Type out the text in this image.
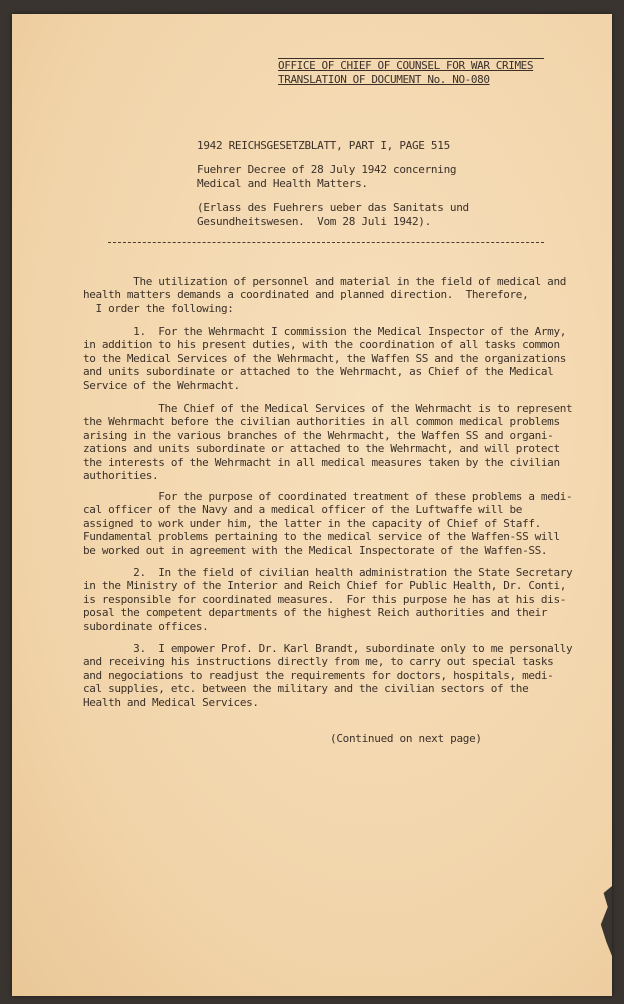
OFFICE OF CHIEF OF COUNSEL FOR WAR CRIMES
TRANSLATION OF DOCUMENT No. NO-080
1942 REICHSGESETZBLATT, PART I, PAGE 515
Fuehrer Decree of 28 July 1942 concerning
Medical and Health Matters.
(Erlass des Fuehrers ueber das Sanitats und
Gesundheitswesen.  Vom 28 Juli 1942).
The utilization of personnel and material in the field of medical and
health matters demands a coordinated and planned direction.  Therefore,
I order the following:
1.  For the Wehrmacht I commission the Medical Inspector of the Army,
in addition to his present duties, with the coordination of all tasks common
to the Medical Services of the Wehrmacht, the Waffen SS and the organizations
and units subordinate or attached to the Wehrmacht, as Chief of the Medical
Service of the Wehrmacht.
The Chief of the Medical Services of the Wehrmacht is to represent
the Wehrmacht before the civilian authorities in all common medical problems
arising in the various branches of the Wehrmacht, the Waffen SS and organi-
zations and units subordinate or attached to the Wehrmacht, and will protect
the interests of the Wehrmacht in all medical measures taken by the civilian
authorities.
For the purpose of coordinated treatment of these problems a medi-
cal officer of the Navy and a medical officer of the Luftwaffe will be
assigned to work under him, the latter in the capacity of Chief of Staff.
Fundamental problems pertaining to the medical service of the Waffen-SS will
be worked out in agreement with the Medical Inspectorate of the Waffen-SS.
2.  In the field of civilian health administration the State Secretary
in the Ministry of the Interior and Reich Chief for Public Health, Dr. Conti,
is responsible for coordinated measures.  For this purpose he has at his dis-
posal the competent departments of the highest Reich authorities and their
subordinate offices.
3.  I empower Prof. Dr. Karl Brandt, subordinate only to me personally
and receiving his instructions directly from me, to carry out special tasks
and negociations to readjust the requirements for doctors, hospitals, medi-
cal supplies, etc. between the military and the civilian sectors of the
Health and Medical Services.
(Continued on next page)
